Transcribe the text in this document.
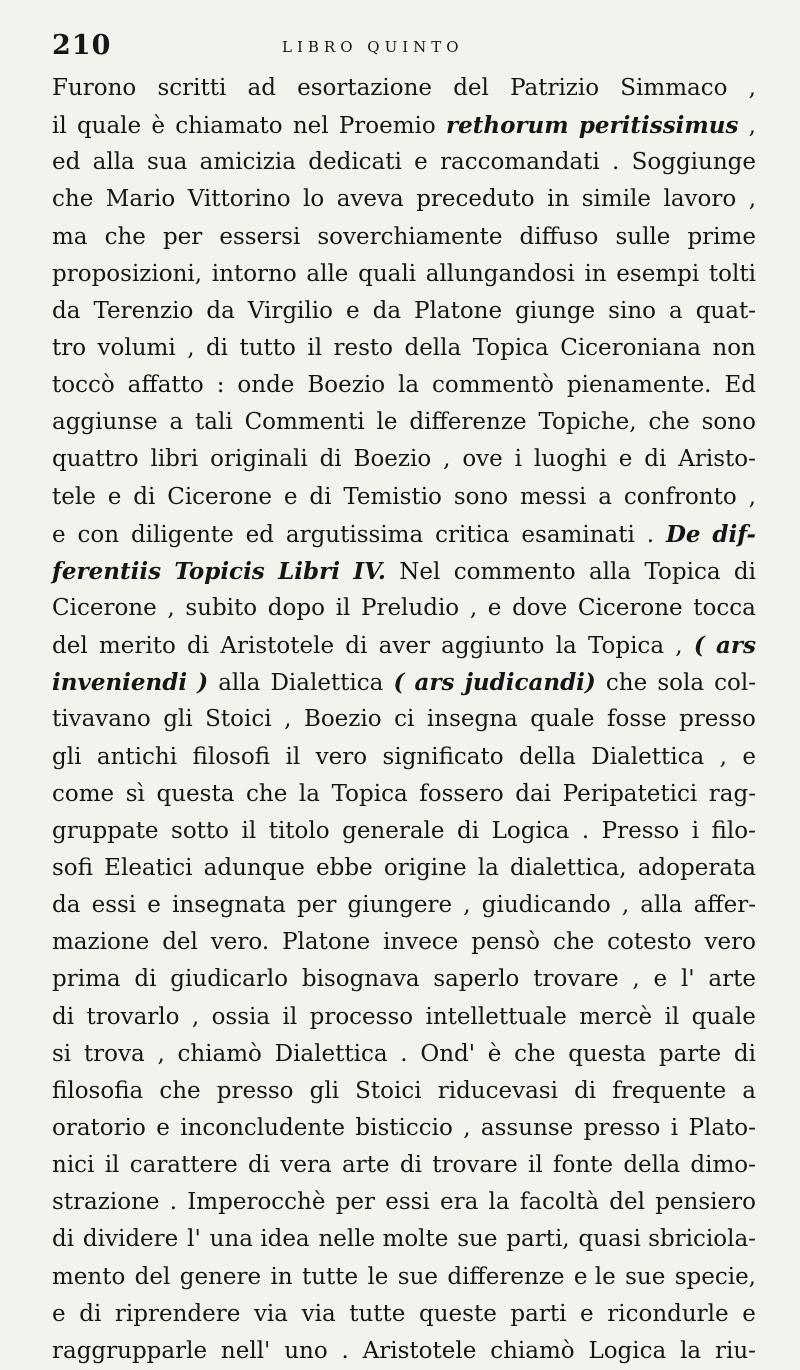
210	LIBRO QUINTO
Furono scritti ad esortazione del Patrizio Simmaco ,
il quale è chiamato nel Proemio rethorum peritissimus ,
ed alla sua amicizia dedicati e raccomandati . Soggiunge
che Mario Vittorino lo aveva preceduto in simile lavoro ,
ma che per essersi soverchiamente diffuso sulle prime
proposizioni, intorno alle quali allungandosi in esempi tolti
da Terenzio da Virgilio e da Platone giunge sino a quat-
tro volumi , di tutto il resto della Topica Ciceroniana non
toccò affatto : onde Boezio la commentò pienamente. Ed
aggiunse a tali Commenti le differenze Topiche, che sono
quattro libri originali di Boezio , ove i luoghi e di Aristo-
tele e di Cicerone e di Temistio sono messi a confronto ,
e con diligente ed argutissima critica esaminati . De dif-
ferentiis Topicis Libri IV. Nel commento alla Topica di
Cicerone , subito dopo il Preludio , e dove Cicerone tocca
del merito di Aristotele di aver aggiunto la Topica , ( ars
inveniendi ) alla Dialettica ( ars judicandi) che sola col-
tivavano gli Stoici , Boezio ci insegna quale fosse presso
gli antichi filosofi il vero significato della Dialettica , e
come sì questa che la Topica fossero dai Peripatetici rag-
gruppate sotto il titolo generale di Logica . Presso i filo-
sofi Eleatici adunque ebbe origine la dialettica, adoperata
da essi e insegnata per giungere , giudicando , alla affer-
mazione del vero. Platone invece pensò che cotesto vero
prima di giudicarlo bisognava saperlo trovare , e l' arte
di trovarlo , ossia il processo intellettuale mercè il quale
si trova , chiamò Dialettica . Ond' è che questa parte di
filosofia che presso gli Stoici riducevasi di frequente a
oratorio e inconcludente bisticcio , assunse presso i Plato-
nici il carattere di vera arte di trovare il fonte della dimo-
strazione . Imperocchè per essi era la facoltà del pensiero
di dividere l' una idea nelle molte sue parti, quasi sbriciola-
mento del genere in tutte le sue differenze e le sue specie,
e di riprendere via via tutte queste parti e ricondurle e
raggrupparle nell' uno . Aristotele chiamò Logica la riu-
